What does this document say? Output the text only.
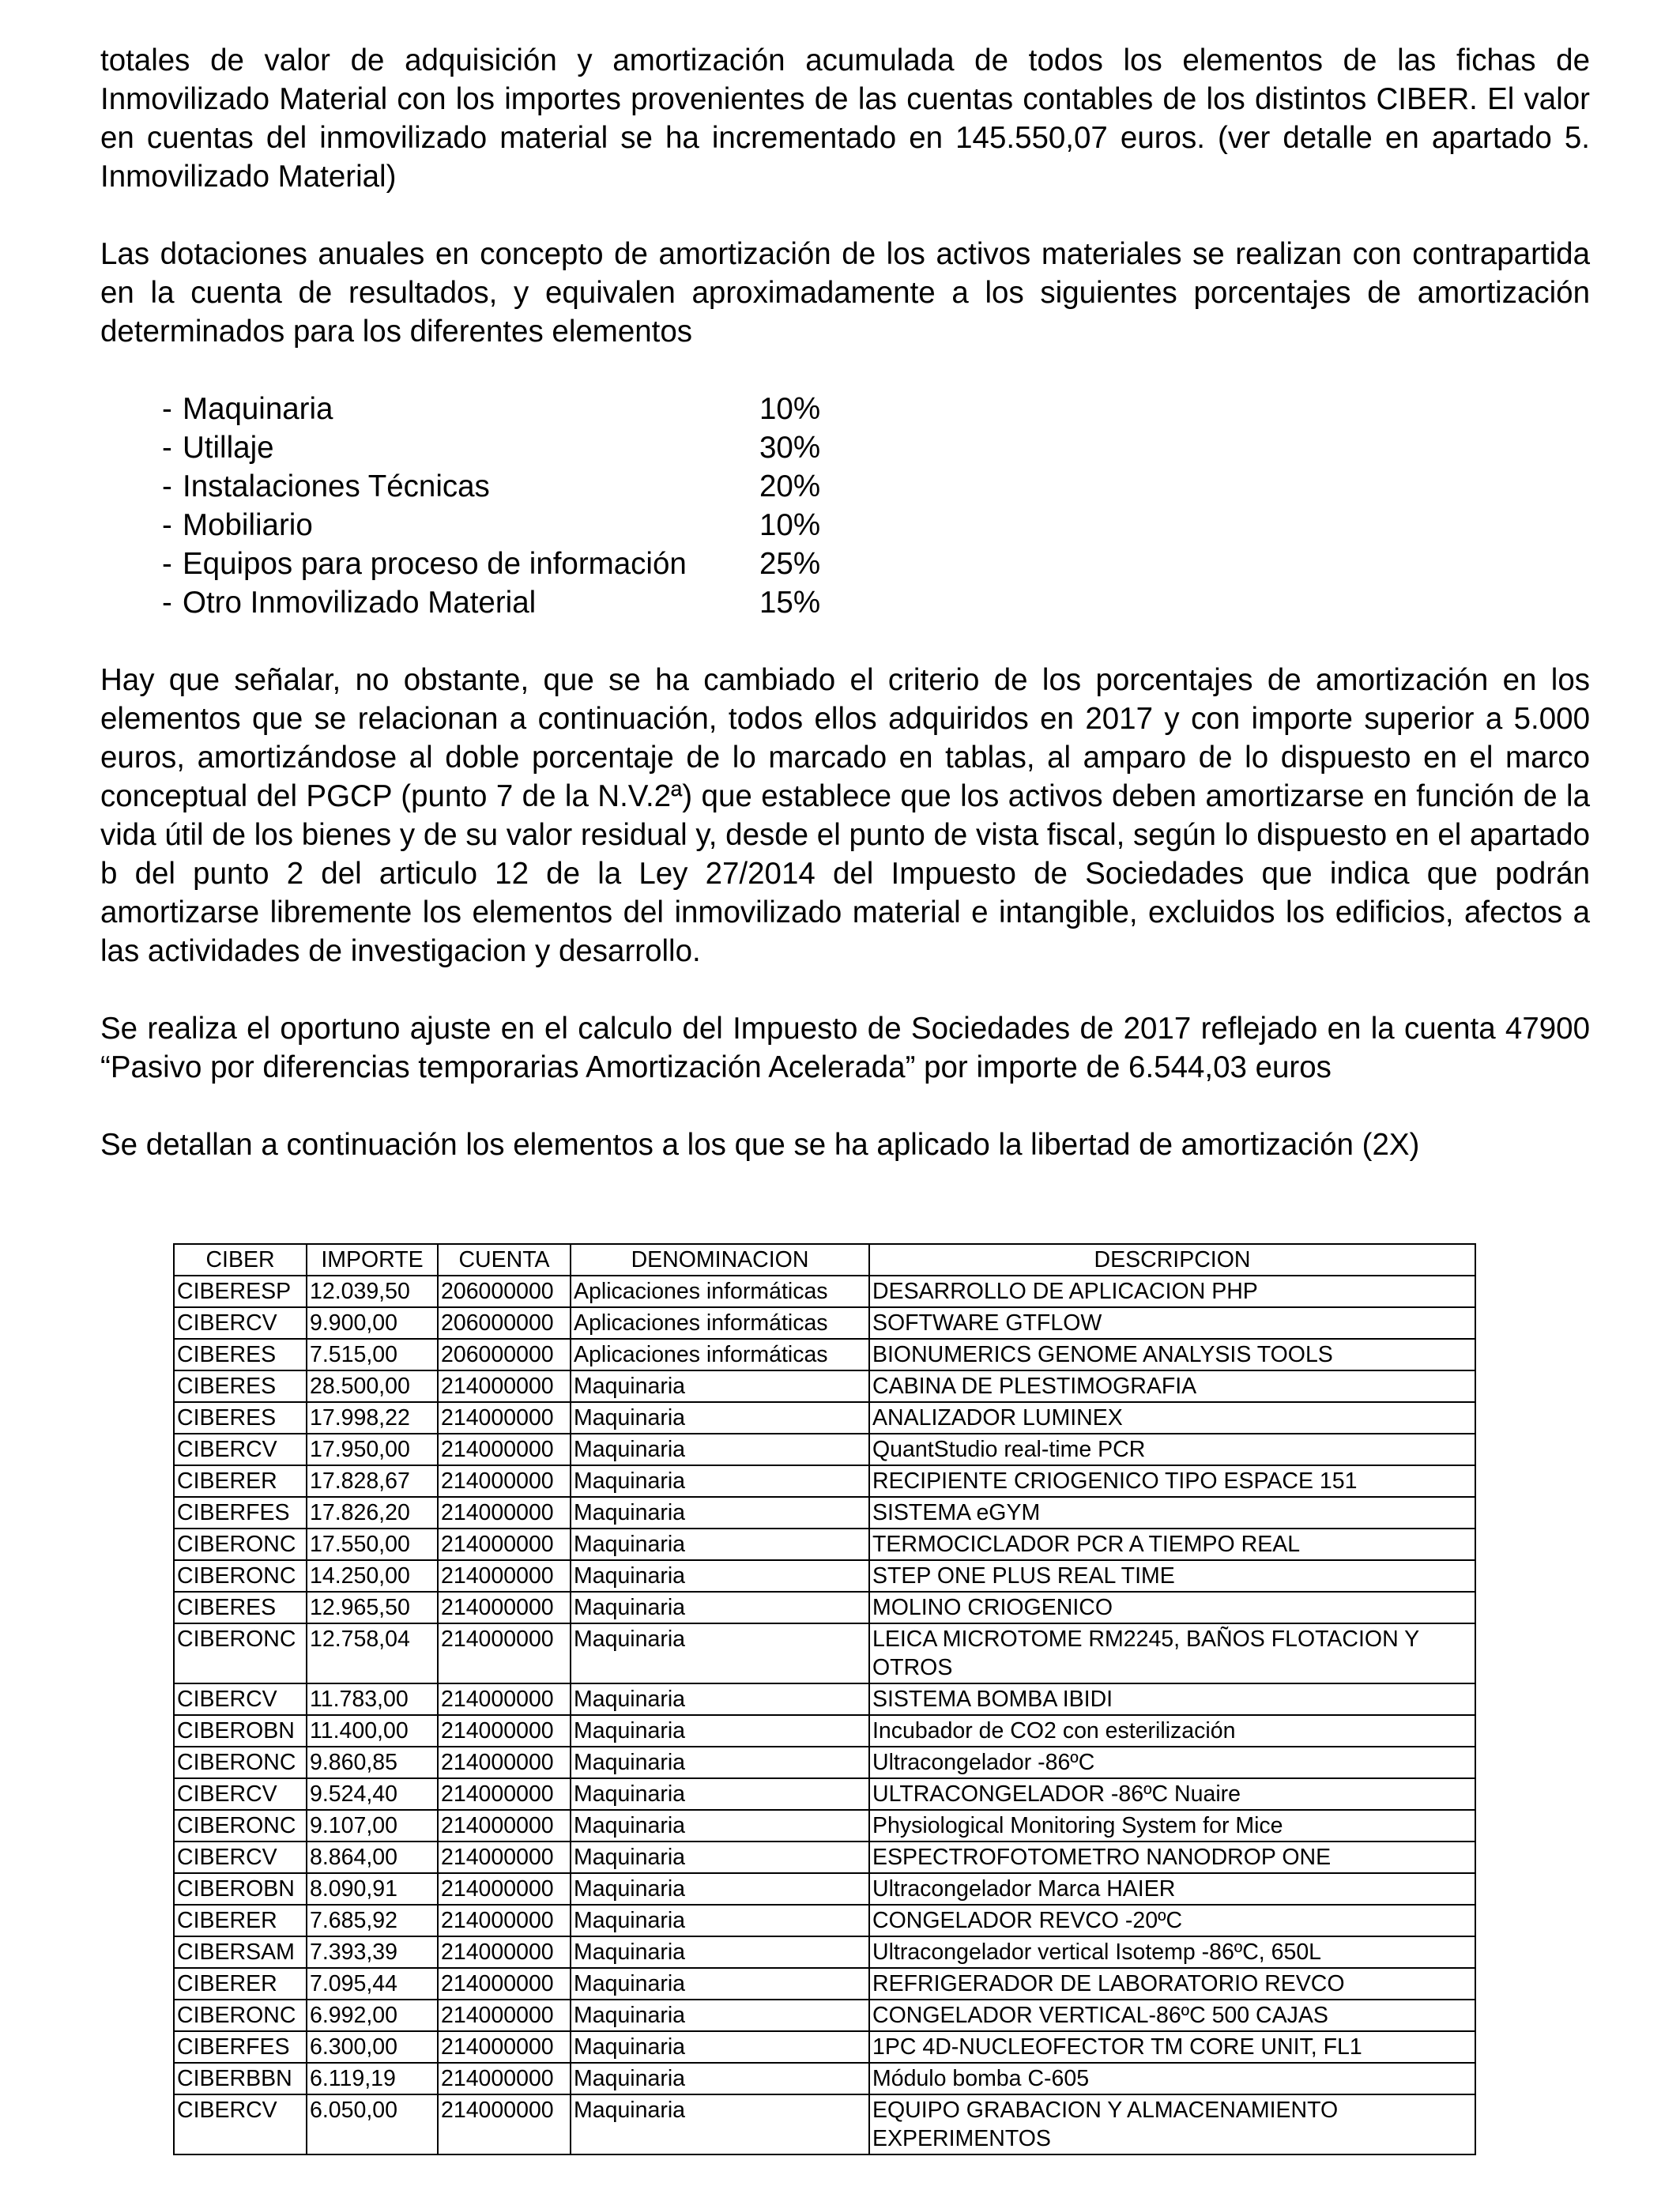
totales de valor de adquisición y amortización acumulada de todos los elementos de las fichas de Inmovilizado Material con los importes provenientes de las cuentas contables de los distintos CIBER. El valor en cuentas del inmovilizado material se ha incrementado en 145.550,07 euros. (ver detalle en apartado 5. Inmovilizado Material)

Las dotaciones anuales en concepto de amortización de los activos materiales se realizan con contrapartida en la cuenta de resultados, y equivalen aproximadamente a los siguientes porcentajes de amortización determinados para los diferentes elementos

- Maquinaria	10%
- Utillaje	30%
- Instalaciones Técnicas	20%
- Mobiliario	10%
- Equipos para proceso de información	25%
- Otro Inmovilizado Material	15%

Hay que señalar, no obstante, que se ha cambiado el criterio de los porcentajes de amortización en los elementos que se relacionan a continuación, todos ellos adquiridos en 2017 y con importe superior a 5.000 euros, amortizándose al doble porcentaje de lo marcado en tablas, al amparo de lo dispuesto en el marco conceptual del PGCP (punto 7 de la N.V.2ª) que establece que los activos deben amortizarse en función de la vida útil de los bienes y de su valor residual y, desde el punto de vista fiscal, según lo dispuesto en el apartado b del punto 2 del articulo 12 de la Ley 27/2014 del Impuesto de Sociedades que indica que podrán amortizarse libremente los elementos del inmovilizado material e intangible, excluidos los edificios, afectos a las actividades de investigacion y desarrollo.

Se realiza el oportuno ajuste en el calculo del Impuesto de Sociedades de 2017 reflejado en la cuenta 47900 “Pasivo por diferencias temporarias Amortización Acelerada” por importe de 6.544,03 euros

Se detallan a continuación los elementos a los que se ha aplicado la libertad de amortización (2X)

CIBER	IMPORTE	CUENTA	DENOMINACION	DESCRIPCION
CIBERESP	12.039,50	206000000	Aplicaciones informáticas	DESARROLLO DE APLICACION PHP
CIBERCV	9.900,00	206000000	Aplicaciones informáticas	SOFTWARE GTFLOW
CIBERES	7.515,00	206000000	Aplicaciones informáticas	BIONUMERICS GENOME ANALYSIS TOOLS
CIBERES	28.500,00	214000000	Maquinaria	CABINA DE PLESTIMOGRAFIA
CIBERES	17.998,22	214000000	Maquinaria	ANALIZADOR LUMINEX
CIBERCV	17.950,00	214000000	Maquinaria	QuantStudio real-time PCR
CIBERER	17.828,67	214000000	Maquinaria	RECIPIENTE CRIOGENICO TIPO ESPACE 151
CIBERFES	17.826,20	214000000	Maquinaria	SISTEMA eGYM
CIBERONC	17.550,00	214000000	Maquinaria	TERMOCICLADOR PCR A TIEMPO REAL
CIBERONC	14.250,00	214000000	Maquinaria	STEP ONE PLUS REAL TIME
CIBERES	12.965,50	214000000	Maquinaria	MOLINO CRIOGENICO
CIBERONC	12.758,04	214000000	Maquinaria	LEICA MICROTOME RM2245, BAÑOS FLOTACION Y OTROS
CIBERCV	11.783,00	214000000	Maquinaria	SISTEMA BOMBA IBIDI
CIBEROBN	11.400,00	214000000	Maquinaria	Incubador de CO2 con esterilización
CIBERONC	9.860,85	214000000	Maquinaria	Ultracongelador -86ºC
CIBERCV	9.524,40	214000000	Maquinaria	ULTRACONGELADOR -86ºC Nuaire
CIBERONC	9.107,00	214000000	Maquinaria	Physiological Monitoring System for Mice
CIBERCV	8.864,00	214000000	Maquinaria	ESPECTROFOTOMETRO NANODROP ONE
CIBEROBN	8.090,91	214000000	Maquinaria	Ultracongelador Marca HAIER
CIBERER	7.685,92	214000000	Maquinaria	CONGELADOR REVCO -20ºC
CIBERSAM	7.393,39	214000000	Maquinaria	Ultracongelador vertical Isotemp -86ºC, 650L
CIBERER	7.095,44	214000000	Maquinaria	REFRIGERADOR DE LABORATORIO REVCO
CIBERONC	6.992,00	214000000	Maquinaria	CONGELADOR VERTICAL-86ºC 500 CAJAS
CIBERFES	6.300,00	214000000	Maquinaria	1PC 4D-NUCLEOFECTOR TM CORE UNIT, FL1
CIBERBBN	6.119,19	214000000	Maquinaria	Módulo bomba C-605
CIBERCV	6.050,00	214000000	Maquinaria	EQUIPO GRABACION Y ALMACENAMIENTO EXPERIMENTOS
